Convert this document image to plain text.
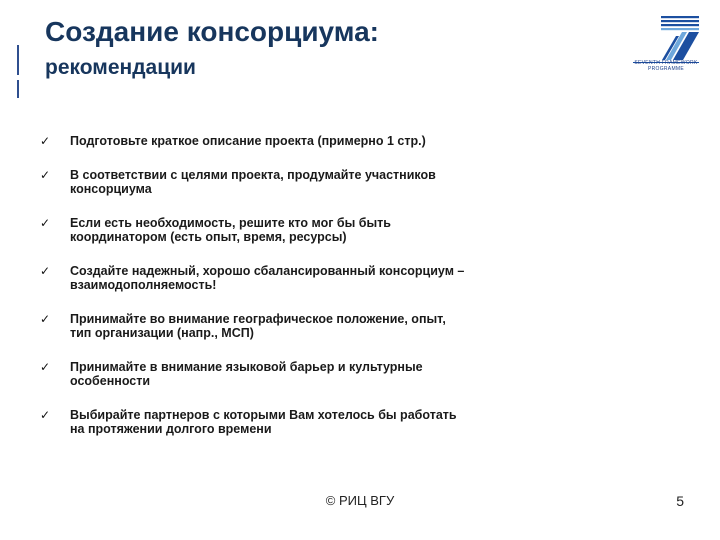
Создание консорциума:
рекомендации	SEVENTH FRAMEWORK PROGRAMME
✓	Подготовьте краткое описание проекта (примерно 1 стр.)
✓	В соответствии с целями проекта, продумайте участников
консорциума
✓	Если есть необходимость, решите кто мог бы быть
координатором (есть опыт, время, ресурсы)
✓	Создайте надежный, хорошо сбалансированный консорциум –
взаимодополняемость!
✓	Принимайте во внимание географическое положение, опыт,
тип организации (напр., МСП)
✓	Принимайте в внимание языковой барьер и культурные
особенности
✓	Выбирайте партнеров с которыми Вам хотелось бы работать
на протяжении долгого времени
© РИЦ ВГУ	5
